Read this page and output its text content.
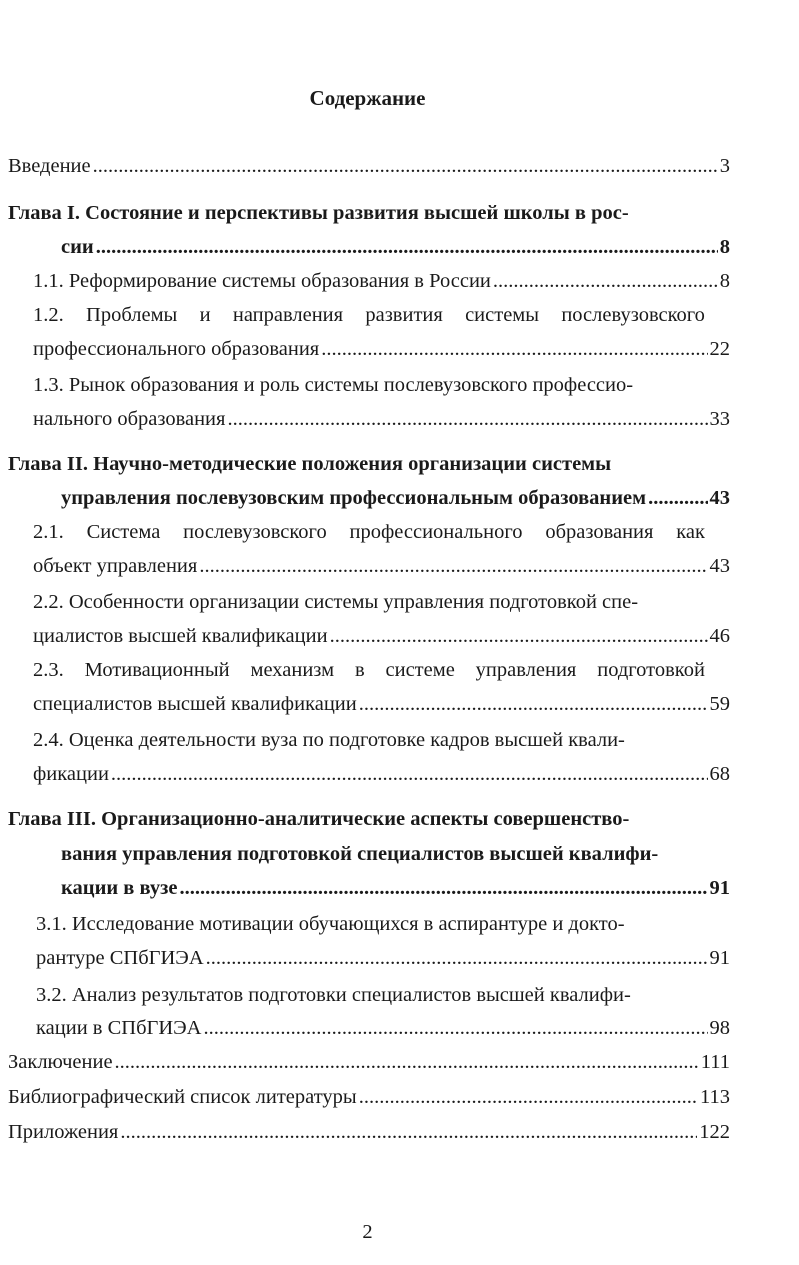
Содержание
Введение .....	3
Глава I. Состояние и перспективы развития высшей школы в рос-
сии .....	8
1.1. Реформирование системы образования в России .....	8
1.2. Проблемы и направления развития системы послевузовского
профессионального образования .....	22
1.3. Рынок образования и роль системы послевузовского профессио-
нального образования .....	33
Глава II. Научно-методические положения организации системы
управления послевузовским профессиональным образованием .....	43
2.1. Система послевузовского профессионального образования как
объект управления .....	43
2.2. Особенности организации системы управления подготовкой спе-
циалистов высшей квалификации .....	46
2.3. Мотивационный механизм в системе управления подготовкой
специалистов высшей квалификации .....	59
2.4. Оценка деятельности вуза по подготовке кадров высшей квали-
фикации .....	68
Глава III. Организационно-аналитические аспекты совершенство-
вания управления подготовкой специалистов высшей квалифи-
кации в вузе .....	91
3.1. Исследование мотивации обучающихся в аспирантуре и докто-
рантуре СПбГИЭА .....	91
3.2. Анализ результатов подготовки специалистов высшей квалифи-
кации в СПбГИЭА .....	98
Заключение .....	111
Библиографический список литературы .....	113
Приложения .....	122
2
